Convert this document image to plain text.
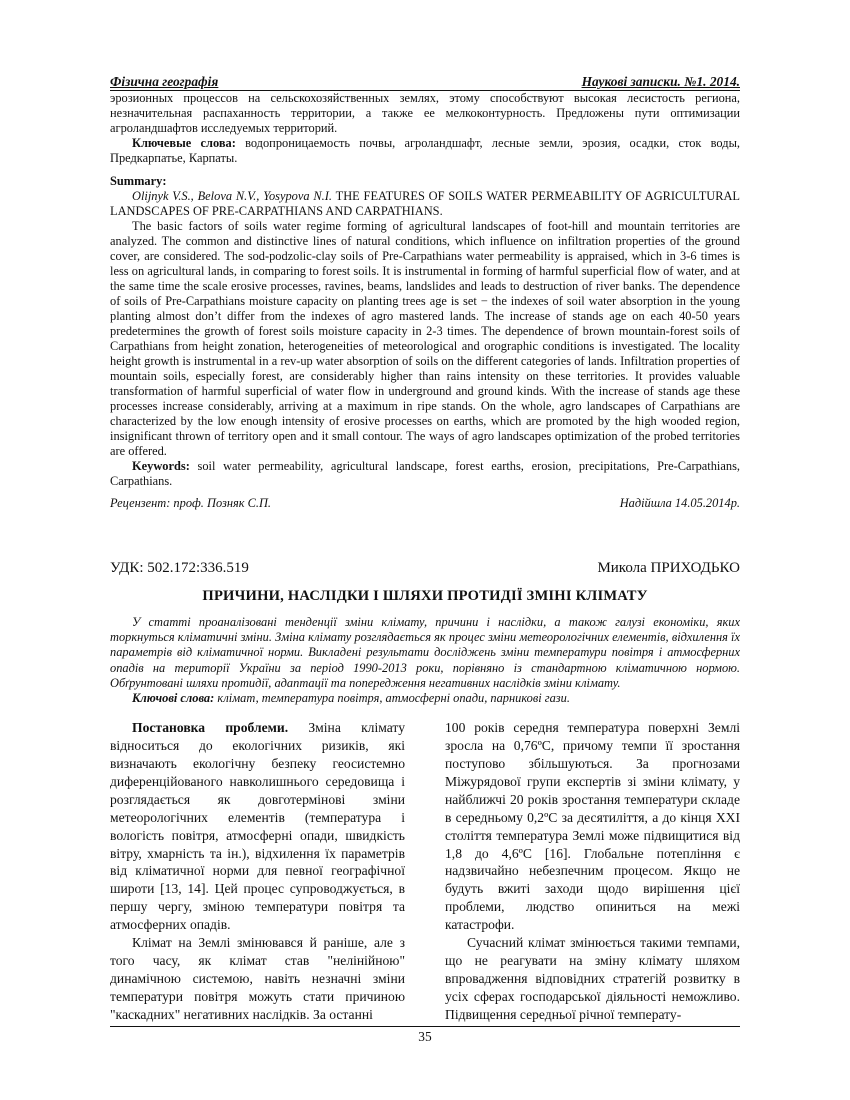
Фізична географія	Наукові записки. №1. 2014.

эрозионных процессов на сельскохозяйственных землях, этому способствуют высокая лесистость региона, незначительная распаханность территории, а также ее мелкоконтурность. Предложены пути оптимизации агроландшафтов исследуемых территорий.

Ключевые слова: водопроницаемость почвы, агроландшафт, лесные земли, эрозия, осадки, сток воды, Предкарпатье, Карпаты.

Summary:

Olijnyk V.S., Belova N.V., Yosypova N.I. THE FEATURES OF SOILS WATER PERMEABILITY OF AGRICULTURAL LANDSCAPES OF PRE-CARPATHIANS AND CARPATHIANS.

The basic factors of soils water regime forming of agricultural landscapes of foot-hill and mountain territories are analyzed. The common and distinctive lines of natural conditions, which influence on infiltration properties of the ground cover, are considered. The sod-podzolic-clay soils of Pre-Carpathians water permeability is appraised, which in 3-6 times is less on agricultural lands, in comparing to forest soils. It is instrumental in forming of harmful superficial flow of water, and at the same time the scale erosive processes, ravines, beams, landslides and leads to destruction of river banks. The dependence of soils of Pre-Carpathians moisture capacity on planting trees age is set − the indexes of soil water absorption in the young planting almost don’t differ from the indexes of agro mastered lands. The increase of stands age on each 40-50 years predetermines the growth of forest soils moisture capacity in 2-3 times. The dependence of brown mountain-forest soils of Carpathians from height zonation, heterogeneities of meteorological and orographic conditions is investigated. The locality height growth is instrumental in a rev-up water absorption of soils on the different categories of lands. Infiltration properties of mountain soils, especially forest, are considerably higher than rains intensity on these territories. It provides valuable transformation of harmful superficial of water flow in underground and ground kinds. With the increase of stands age these processes increase considerably, arriving at a maximum in ripe stands. On the whole, agro landscapes of Carpathians are characterized by the low enough intensity of erosive processes on earths, which are promoted by the high wooded region, insignificant thrown of territory open and it small contour. The ways of agro landscapes optimization of the probed territories are offered.

Keywords: soil water permeability, agricultural landscape, forest earths, erosion, precipitations, Pre-Carpathians, Carpathians.

Рецензент: проф. Позняк С.П.	Надійшла 14.05.2014р.
УДК: 502.172:336.519	Микола ПРИХОДЬКО
ПРИЧИНИ, НАСЛІДКИ І ШЛЯХИ ПРОТИДІЇ ЗМІНІ КЛІМАТУ
У статті проаналізовані тенденції зміни клімату, причини і наслідки, а також галузі економіки, яких торкнуться кліматичні зміни. Зміна клімату розглядається як процес зміни метеорологічних елементів, відхилення їх параметрів від кліматичної норми. Викладені результати досліджень зміни температури повітря і атмосферних опадів на території України за період 1990-2013 роки, порівняно із стандартною кліматичною нормою. Обґрунтовані шляхи протидії, адаптації та попередження негативних наслідків зміни клімату.
Ключові слова: клімат, температура повітря, атмосферні опади, парникові гази.

Постановка проблеми. Зміна клімату відноситься до екологічних ризиків, які визначають екологічну безпеку геосистемно диференційованого навколишнього середовища і розглядається як довготермінові зміни метеорологічних елементів (температура і вологість повітря, атмосферні опади, швидкість вітру, хмарність та ін.), відхилення їх параметрів від кліматичної норми для певної географічної широти [13, 14]. Цей процес супроводжується, в першу чергу, зміною температури повітря та атмосферних опадів.

Клімат на Землі змінювався й раніше, але з того часу, як клімат став "нелінійною" динамічною системою, навіть незначні зміни температури повітря можуть стати причиною "каскадних" негативних наслідків. За останні

100 років середня температура поверхні Землі зросла на 0,76ºС, причому темпи її зростання поступово збільшуються. За прогнозами Міжурядової групи експертів зі зміни клімату, у найближчі 20 років зростання температури складе в середньому 0,2ºС за десятиліття, а до кінця XXI століття температура Землі може підвищитися від 1,8 до 4,6ºС [16]. Глобальне потепління є надзвичайно небезпечним процесом. Якщо не будуть вжиті заходи щодо вирішення цієї проблеми, людство опиниться на межі катастрофи.

Сучасний клімат змінюється такими темпами, що не реагувати на зміну клімату шляхом впровадження відповідних стратегій розвитку в усіх сферах господарської діяльності неможливо. Підвищення середньої річної температу-

35
